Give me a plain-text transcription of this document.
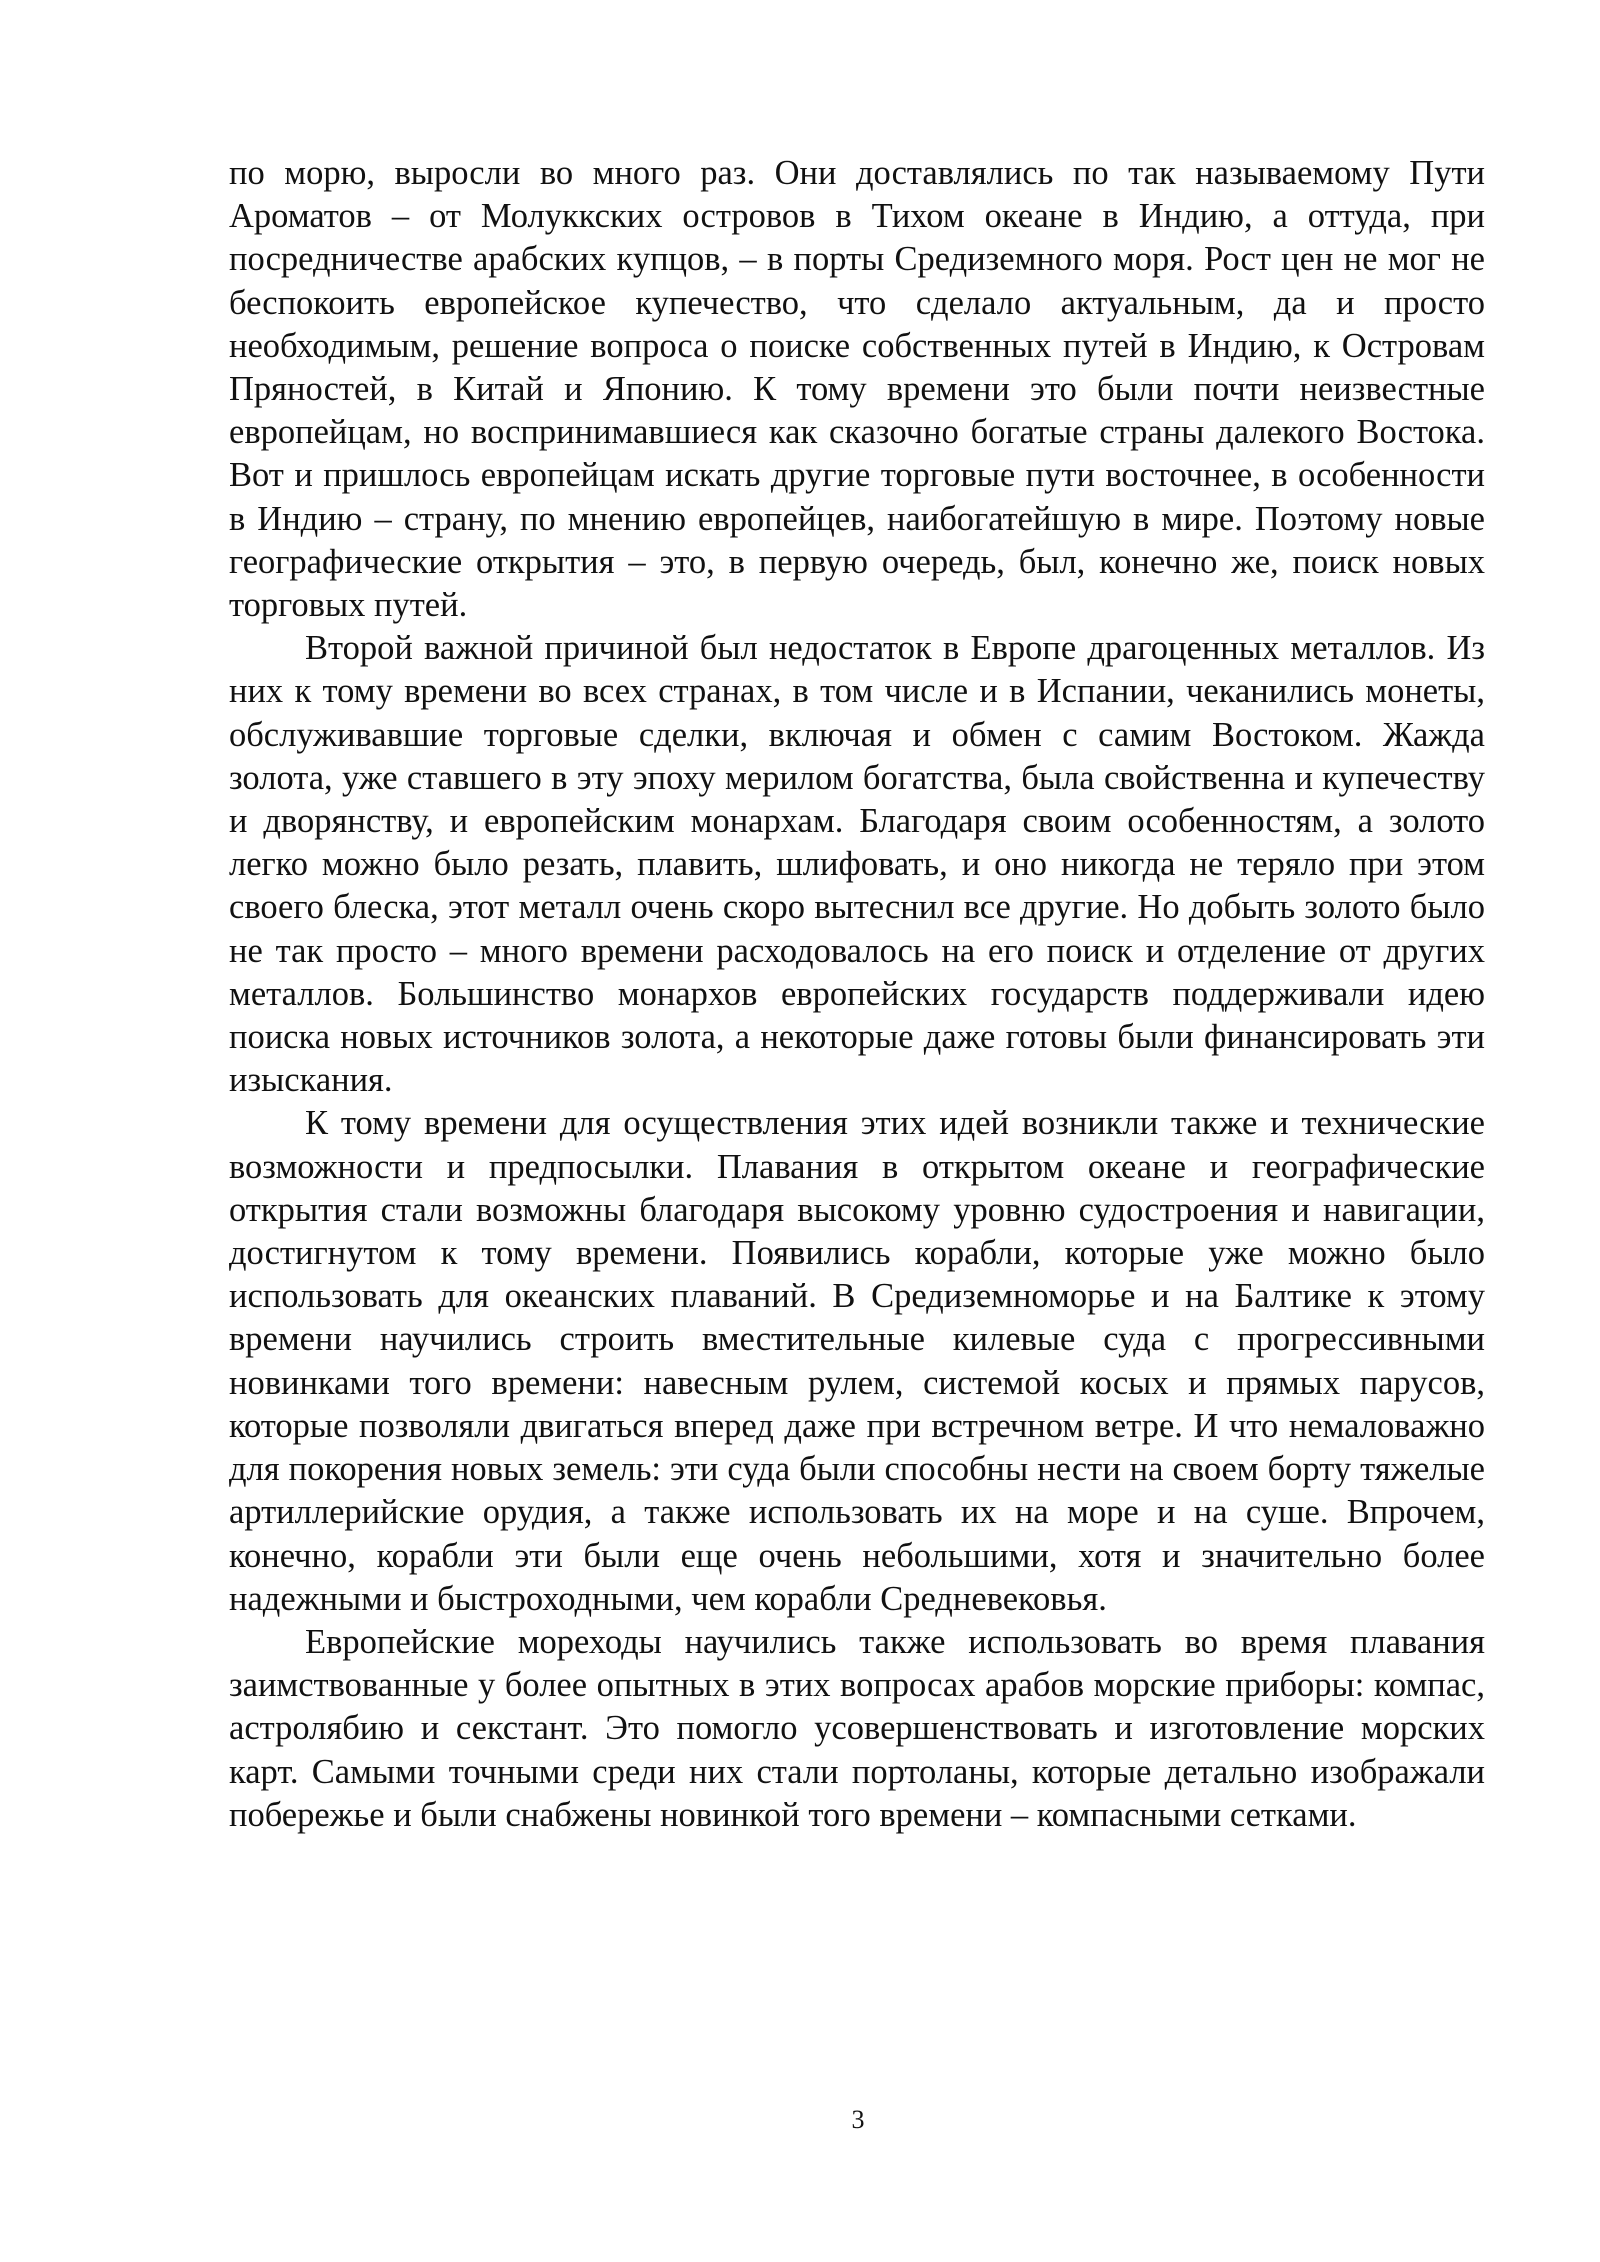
по морю, выросли во много раз. Они доставлялись по так называемому Пути Ароматов – от Молуккских островов в Тихом океане в Индию, а оттуда, при посредничестве арабских купцов, – в порты Средиземного моря. Рост цен не мог не беспокоить европейское купечество, что сделало актуальным, да и просто необходимым, решение вопроса о поиске собственных путей в Индию, к Островам Пряностей, в Китай и Японию. К тому времени это были почти неизвестные европейцам, но воспринимавшиеся как сказочно богатые страны далекого Востока. Вот и пришлось европейцам искать другие торговые пути восточнее, в особенности в Индию – страну, по мнению европейцев, наибогатейшую в мире. Поэтому новые географические открытия – это, в первую очередь, был, конечно же, поиск новых торговых путей.

Второй важной причиной был недостаток в Европе драгоценных металлов. Из них к тому времени во всех странах, в том числе и в Испании, чеканились монеты, обслуживавшие торговые сделки, включая и обмен с самим Востоком. Жажда золота, уже ставшего в эту эпоху мерилом богатства, была свойственна и купечеству и дворянству, и европейским монархам. Благодаря своим особенностям, а золото легко можно было резать, плавить, шлифовать, и оно никогда не теряло при этом своего блеска, этот металл очень скоро вытеснил все другие. Но добыть золото было не так просто – много времени расходовалось на его поиск и отделение от других металлов. Большинство монархов европейских государств поддерживали идею поиска новых источников золота, а некоторые даже готовы были финансировать эти изыскания.

К тому времени для осуществления этих идей возникли также и технические возможности и предпосылки. Плавания в открытом океане и географические открытия стали возможны благодаря высокому уровню судостроения и навигации, достигнутом к тому времени. Появились корабли, которые уже можно было использовать для океанских плаваний. В Средиземноморье и на Балтике к этому времени научились строить вместительные килевые суда с прогрессивными новинками того времени: навесным рулем, системой косых и прямых парусов, которые позволяли двигаться вперед даже при встречном ветре. И что немаловажно для покорения новых земель: эти суда были способны нести на своем борту тяжелые артиллерийские орудия, а также использовать их на море и на суше. Впрочем, конечно, корабли эти были еще очень небольшими, хотя и значительно более надежными и быстроходными, чем корабли Средневековья.

Европейские мореходы научились также использовать во время плавания заимствованные у более опытных в этих вопросах арабов морские приборы: компас, астролябию и секстант. Это помогло усовершенствовать и изготовление морских карт. Самыми точными среди них стали портоланы, которые детально изображали побережье и были снабжены новинкой того времени – компасными сетками.

3
